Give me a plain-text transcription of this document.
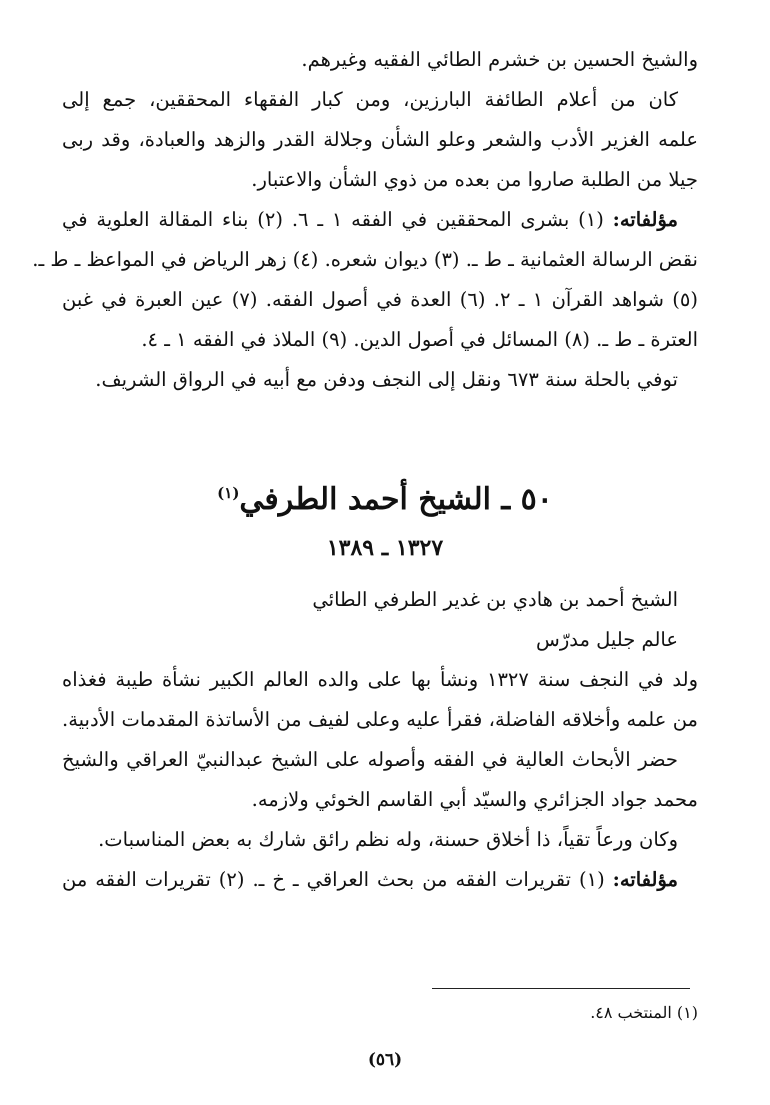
والشيخ الحسين بن خشرم الطائي الفقيه وغيرهم.
كان من أعلام الطائفة البارزين، ومن كبار الفقهاء المحققين، جمع إلى
علمه الغزير الأدب والشعر وعلو الشأن وجلالة القدر والزهد والعبادة، وقد ربى
جيلا من الطلبة صاروا من بعده من ذوي الشأن والاعتبار.
مؤلفاته: (١) بشرى المحققين في الفقه ١ ـ ٦. (٢) بناء المقالة العلوية في
نقض الرسالة العثمانية ـ ط ـ. (٣) ديوان شعره. (٤) زهر الرياض في المواعظ ـ ط ـ.
(٥) شواهد القرآن ١ ـ ٢. (٦) العدة في أصول الفقه. (٧) عين العبرة في غبن
العترة ـ ط ـ. (٨) المسائل في أصول الدين. (٩) الملاذ في الفقه ١ ـ ٤.
توفي بالحلة سنة ٦٧٣ ونقل إلى النجف ودفن مع أبيه في الرواق الشريف.
٥٠ ـ الشيخ أحمد الطرفي$^{(١)}$
١٣٢٧ ـ ١٣٨٩
الشيخ أحمد بن هادي بن غدير الطرفي الطائي
عالم جليل مدرّس
ولد في النجف سنة ١٣٢٧ ونشأ بها على والده العالم الكبير نشأة طيبة فغذاه
من علمه وأخلاقه الفاضلة، فقرأ عليه وعلى لفيف من الأساتذة المقدمات الأدبية.
حضر الأبحاث العالية في الفقه وأصوله على الشيخ عبدالنبيّ العراقي والشيخ
محمد جواد الجزائري والسيّد أبي القاسم الخوئي ولازمه.
وكان ورعاً تقياً، ذا أخلاق حسنة، وله نظم رائق شارك به بعض المناسبات.
مؤلفاته: (١) تقريرات الفقه من بحث العراقي ـ خ ـ. (٢) تقريرات الفقه من
(١) المنتخب ٤٨.
(٥٦)
